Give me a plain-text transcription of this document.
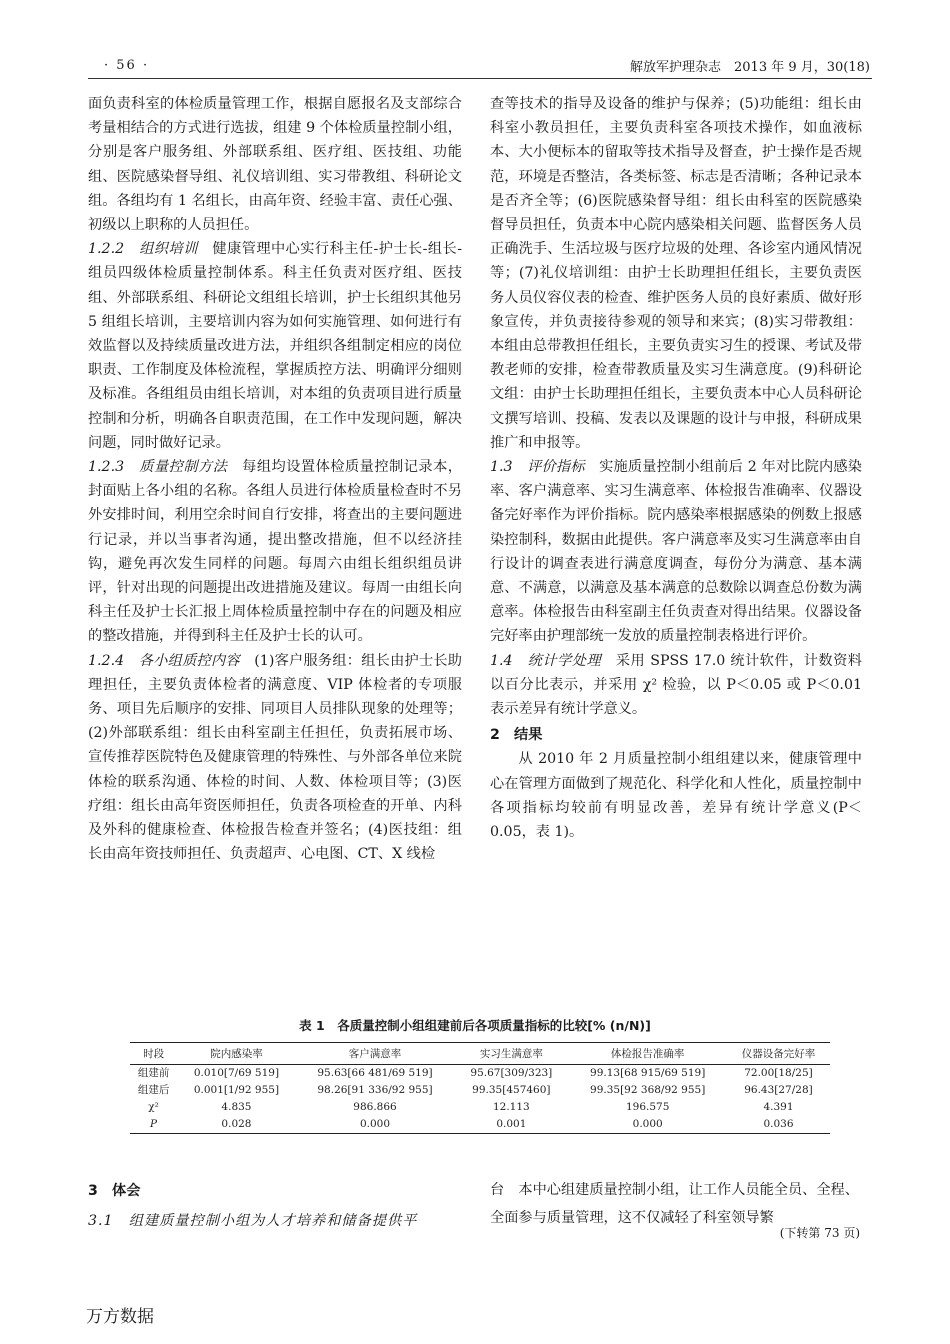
· 56 ·	解放军护理杂志　2013 年 9 月，30(18)

面负责科室的体检质量管理工作，根据自愿报名及支部综合考量相结合的方式进行选拔，组建 9 个体检质量控制小组，分别是客户服务组、外部联系组、医疗组、医技组、功能组、医院感染督导组、礼仪培训组、实习带教组、科研论文组。各组均有 1 名组长，由高年资、经验丰富、责任心强、初级以上职称的人员担任。

1.2.2　组织培训　健康管理中心实行科主任-护士长-组长-组员四级体检质量控制体系。科主任负责对医疗组、医技组、外部联系组、科研论文组组长培训，护士长组织其他另 5 组组长培训，主要培训内容为如何实施管理、如何进行有效监督以及持续质量改进方法，并组织各组制定相应的岗位职责、工作制度及体检流程，掌握质控方法、明确评分细则及标准。各组组员由组长培训，对本组的负责项目进行质量控制和分析，明确各自职责范围，在工作中发现问题，解决问题，同时做好记录。

1.2.3　质量控制方法　每组均设置体检质量控制记录本，封面贴上各小组的名称。各组人员进行体检质量检查时不另外安排时间，利用空余时间自行安排，将查出的主要问题进行记录，并以当事者沟通，提出整改措施，但不以经济挂钩，避免再次发生同样的问题。每周六由组长组织组员讲评，针对出现的问题提出改进措施及建议。每周一由组长向科主任及护士长汇报上周体检质量控制中存在的问题及相应的整改措施，并得到科主任及护士长的认可。

1.2.4　各小组质控内容　(1)客户服务组：组长由护士长助理担任，主要负责体检者的满意度、VIP 体检者的专项服务、项目先后顺序的安排、同项目人员排队现象的处理等；(2)外部联系组：组长由科室副主任担任，负责拓展市场、宣传推荐医院特色及健康管理的特殊性、与外部各单位来院体检的联系沟通、体检的时间、人数、体检项目等；(3)医疗组：组长由高年资医师担任，负责各项检查的开单、内科及外科的健康检查、体检报告检查并签名；(4)医技组：组长由高年资技师担任、负责超声、心电图、CT、X 线检

查等技术的指导及设备的维护与保养；(5)功能组：组长由科室小教员担任，主要负责科室各项技术操作，如血液标本、大小便标本的留取等技术指导及督查，护士操作是否规范，环境是否整洁，各类标签、标志是否清晰；各种记录本是否齐全等；(6)医院感染督导组：组长由科室的医院感染督导员担任，负责本中心院内感染相关问题、监督医务人员正确洗手、生活垃圾与医疗垃圾的处理、各诊室内通风情况等；(7)礼仪培训组：由护士长助理担任组长，主要负责医务人员仪容仪表的检查、维护医务人员的良好素质、做好形象宣传，并负责接待参观的领导和来宾；(8)实习带教组：本组由总带教担任组长，主要负责实习生的授课、考试及带教老师的安排，检查带教质量及实习生满意度。(9)科研论文组：由护士长助理担任组长，主要负责本中心人员科研论文撰写培训、投稿、发表以及课题的设计与申报，科研成果推广和申报等。

1.3　评价指标　实施质量控制小组前后 2 年对比院内感染率、客户满意率、实习生满意率、体检报告准确率、仪器设备完好率作为评价指标。院内感染率根据感染的例数上报感染控制科，数据由此提供。客户满意率及实习生满意率由自行设计的调查表进行满意度调查，每份分为满意、基本满意、不满意，以满意及基本满意的总数除以调查总份数为满意率。体检报告由科室副主任负责查对得出结果。仪器设备完好率由护理部统一发放的质量控制表格进行评价。

1.4　统计学处理　采用 SPSS 17.0 统计软件，计数资料以百分比表示，并采用 χ² 检验，以 P＜0.05 或 P＜0.01 表示差异有统计学意义。

2　结果

从 2010 年 2 月质量控制小组组建以来，健康管理中心在管理方面做到了规范化、科学化和人性化，质量控制中各项指标均较前有明显改善，差异有统计学意义(P＜0.05，表 1)。

表 1　各质量控制小组组建前后各项质量指标的比较[% (n/N)]
时段	院内感染率	客户满意率	实习生满意率	体检报告准确率	仪器设备完好率
组建前	0.010[7/69 519]	95.63[66 481/69 519]	95.67[309/323]	99.13[68 915/69 519]	72.00[18/25]
组建后	0.001[1/92 955]	98.26[91 336/92 955]	99.35[457460]	99.35[92 368/92 955]	96.43[27/28]
χ²	4.835	986.866	12.113	196.575	4.391
P	0.028	0.000	0.001	0.000	0.036
3　体会
3.1　组建质量控制小组为人才培养和储备提供平
台　本中心组建质量控制小组，让工作人员能全员、全程、全面参与质量管理，这不仅减轻了科室领导繁
(下转第 73 页)
万方数据
